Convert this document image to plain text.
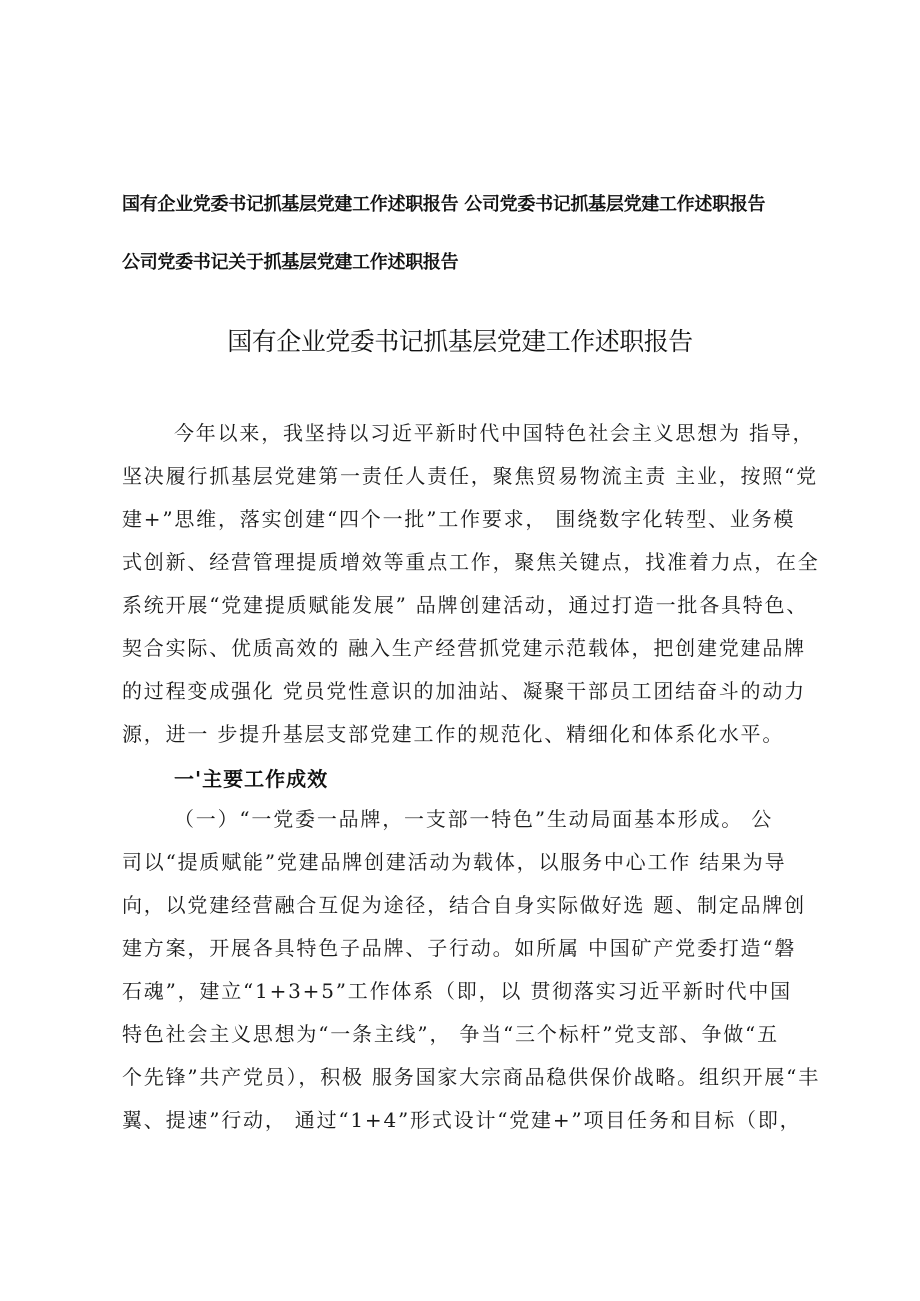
国有企业党委书记抓基层党建工作述职报告 公司党委书记抓基层党建工作述职报告
公司党委书记关于抓基层党建工作述职报告
国有企业党委书记抓基层党建工作述职报告
今年以来，我坚持以习近平新时代中国特色社会主义思想为 指导，
坚决履行抓基层党建第一责任人责任，聚焦贸易物流主责 主业，按照“党
建+”思维，落实创建“四个一批”工作要求， 围绕数字化转型、业务模
式创新、经营管理提质增效等重点工作，聚焦关键点，找准着力点，在全
系统开展“党建提质赋能发展” 品牌创建活动，通过打造一批各具特色、
契合实际、优质高效的 融入生产经营抓党建示范载体，把创建党建品牌
的过程变成强化 党员党性意识的加油站、凝聚干部员工团结奋斗的动力
源，进一 步提升基层支部党建工作的规范化、精细化和体系化水平。
一'主要工作成效
（一）“一党委一品牌，一支部一特色”生动局面基本形成。 公
司以“提质赋能”党建品牌创建活动为载体，以服务中心工作 结果为导
向，以党建经营融合互促为途径，结合自身实际做好选 题、制定品牌创
建方案，开展各具特色子品牌、子行动。如所属 中国矿产党委打造“磐
石魂”，建立“1+3+5”工作体系（即，以 贯彻落实习近平新时代中国
特色社会主义思想为“一条主线”， 争当“三个标杆”党支部、争做“五
个先锋”共产党员），积极 服务国家大宗商品稳供保价战略。组织开展“丰
翼、提速”行动， 通过“1+4”形式设计“党建+”项目任务和目标（即，
